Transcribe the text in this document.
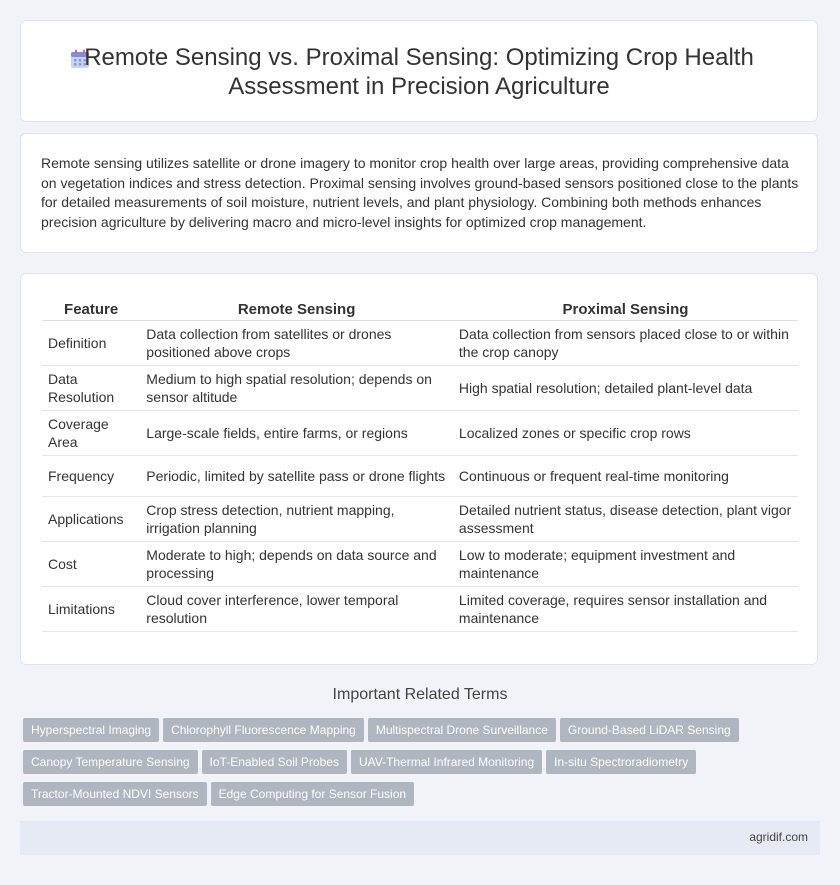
Remote Sensing vs. Proximal Sensing: Optimizing Crop Health Assessment in Precision Agriculture

Remote sensing utilizes satellite or drone imagery to monitor crop health over large areas, providing comprehensive data on vegetation indices and stress detection. Proximal sensing involves ground-based sensors positioned close to the plants for detailed measurements of soil moisture, nutrient levels, and plant physiology. Combining both methods enhances precision agriculture by delivering macro and micro-level insights for optimized crop management.

Feature	Remote Sensing	Proximal Sensing
Definition	Data collection from satellites or drones positioned above crops	Data collection from sensors placed close to or within the crop canopy
Data Resolution	Medium to high spatial resolution; depends on sensor altitude	High spatial resolution; detailed plant-level data
Coverage Area	Large-scale fields, entire farms, or regions	Localized zones or specific crop rows
Frequency	Periodic, limited by satellite pass or drone flights	Continuous or frequent real-time monitoring
Applications	Crop stress detection, nutrient mapping, irrigation planning	Detailed nutrient status, disease detection, plant vigor assessment
Cost	Moderate to high; depends on data source and processing	Low to moderate; equipment investment and maintenance
Limitations	Cloud cover interference, lower temporal resolution	Limited coverage, requires sensor installation and maintenance
Important Related Terms
Hyperspectral Imaging Chlorophyll Fluorescence Mapping Multispectral Drone Surveillance Ground-Based LiDAR Sensing
Canopy Temperature Sensing IoT-Enabled Soil Probes UAV-Thermal Infrared Monitoring In-situ Spectroradiometry
Tractor-Mounted NDVI Sensors Edge Computing for Sensor Fusion
agridif.com
